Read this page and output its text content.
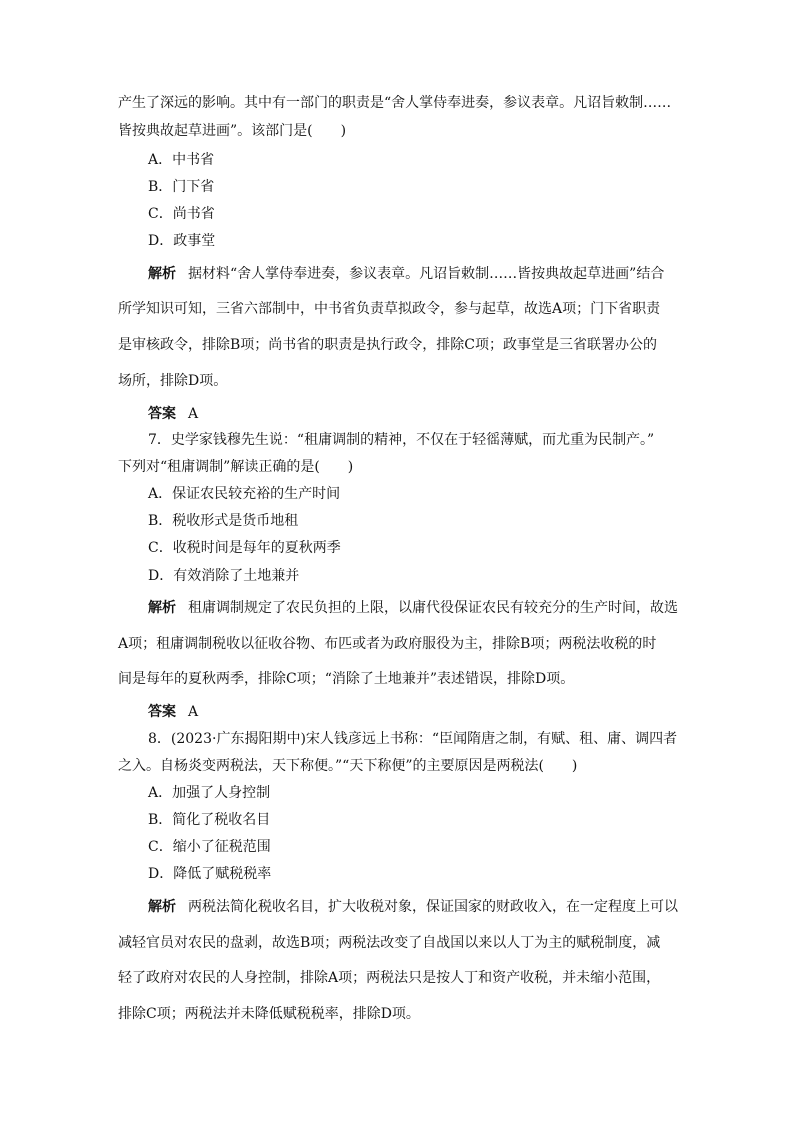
产生了深远的影响。其中有一部门的职责是“舍人掌侍奉进奏，参议表章。凡诏旨敕制……
皆按典故起草进画”。该部门是(　　)
A．中书省
B．门下省
C．尚书省
D．政事堂
解析 据材料“舍人掌侍奉进奏，参议表章。凡诏旨敕制……皆按典故起草进画”结合
所学知识可知，三省六部制中，中书省负责草拟政令，参与起草，故选A项；门下省职责
是审核政令，排除B项；尚书省的职责是执行政令，排除C项；政事堂是三省联署办公的
场所，排除D项。
答案 A
7．史学家钱穆先生说：“租庸调制的精神，不仅在于轻徭薄赋，而尤重为民制产。”
下列对“租庸调制”解读正确的是(　　)
A．保证农民较充裕的生产时间
B．税收形式是货币地租
C．收税时间是每年的夏秋两季
D．有效消除了土地兼并
解析 租庸调制规定了农民负担的上限，以庸代役保证农民有较充分的生产时间，故选
A项；租庸调制税收以征收谷物、布匹或者为政府服役为主，排除B项；两税法收税的时
间是每年的夏秋两季，排除C项；“消除了土地兼并”表述错误，排除D项。
答案 A
8．(2023·广东揭阳期中)宋人钱彦远上书称：“臣闻隋唐之制，有赋、租、庸、调四者
之入。自杨炎变两税法，天下称便。”“天下称便”的主要原因是两税法(　　)
A．加强了人身控制
B．简化了税收名目
C．缩小了征税范围
D．降低了赋税税率
解析 两税法简化税收名目，扩大收税对象，保证国家的财政收入，在一定程度上可以
减轻官员对农民的盘剥，故选B项；两税法改变了自战国以来以人丁为主的赋税制度，减
轻了政府对农民的人身控制，排除A项；两税法只是按人丁和资产收税，并未缩小范围，
排除C项；两税法并未降低赋税税率，排除D项。
